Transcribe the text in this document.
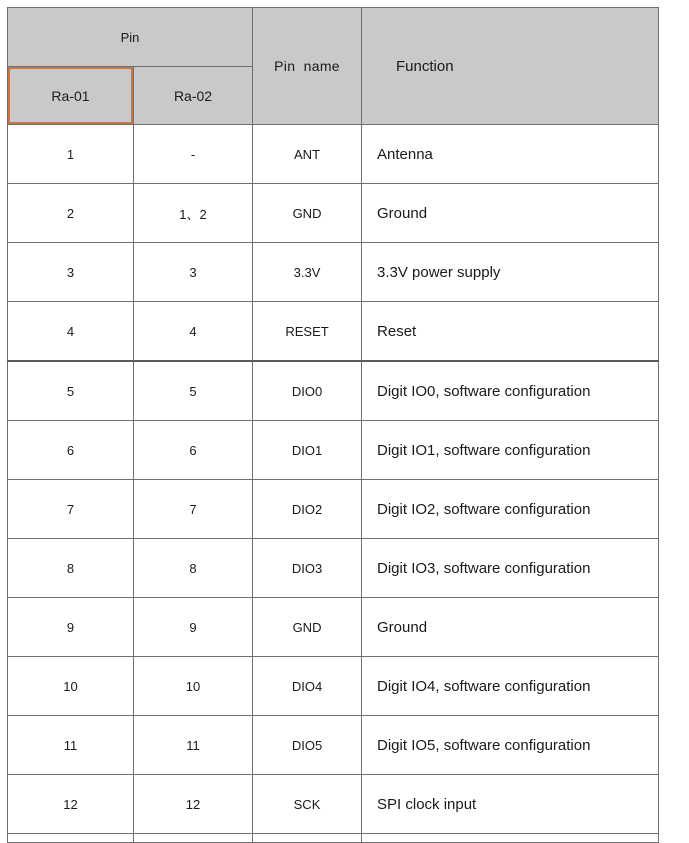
Pin		Pin  name	Function

Ra-01	Ra-02		
1	-	ANT	Antenna
2	1、2	GND	Ground
3	3	3.3V	3.3V power supply
4	4	RESET	Reset
5	5	DIO0	Digit IO0, software configuration
6	6	DIO1	Digit IO1, software configuration
7	7	DIO2	Digit IO2, software configuration
8	8	DIO3	Digit IO3, software configuration
9	9	GND	Ground
10	10	DIO4	Digit IO4, software configuration
11	11	DIO5	Digit IO5, software configuration
12	12	SCK	SPI clock input
